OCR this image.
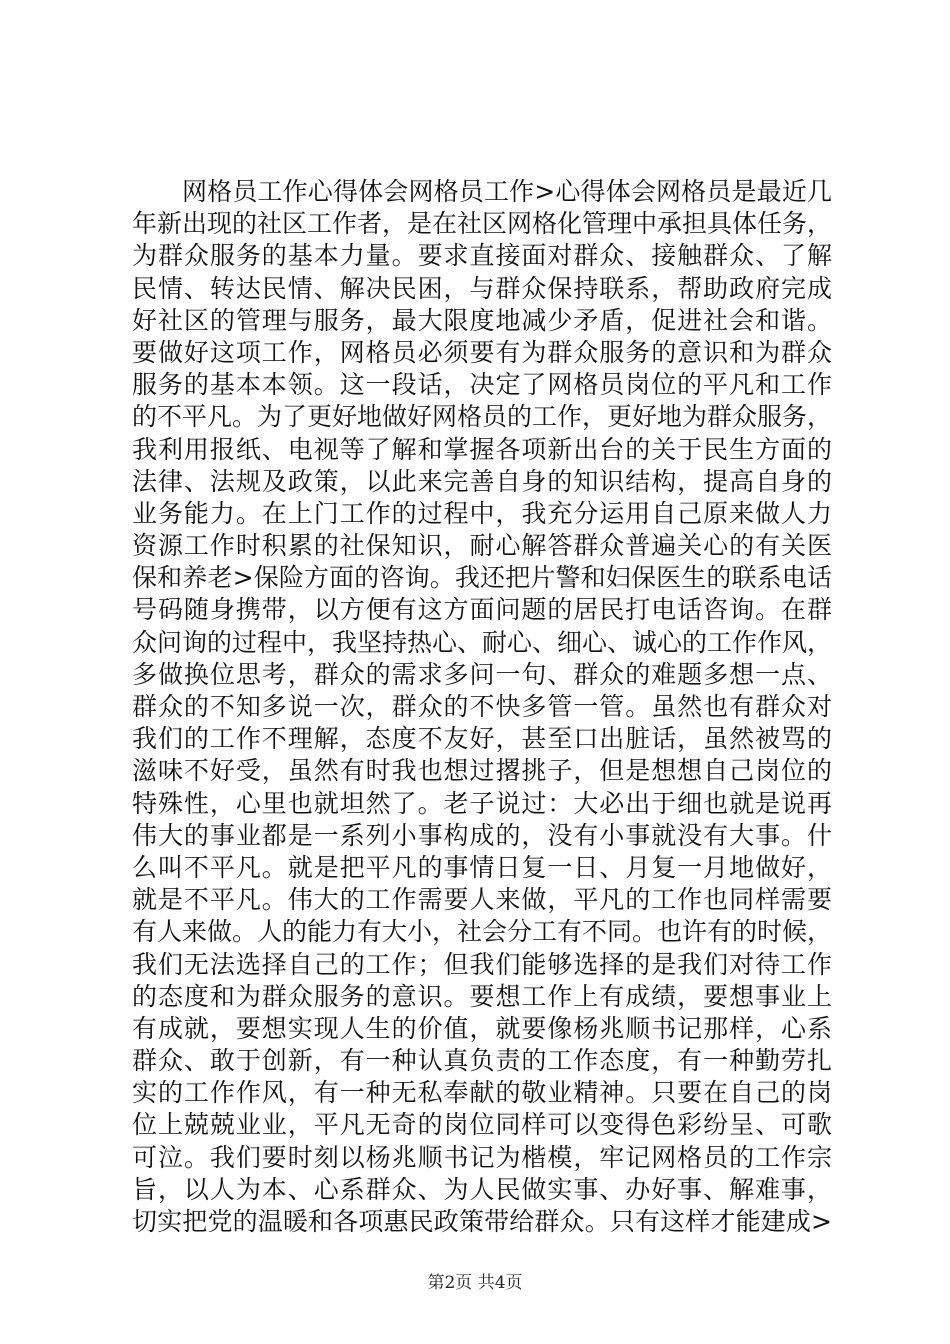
网格员工作心得体会网格员工作>心得体会网格员是最近几
年新出现的社区工作者，是在社区网格化管理中承担具体任务，
为群众服务的基本力量。要求直接面对群众、接触群众、了解
民情、转达民情、解决民困，与群众保持联系，帮助政府完成
好社区的管理与服务，最大限度地减少矛盾，促进社会和谐。
要做好这项工作，网格员必须要有为群众服务的意识和为群众
服务的基本本领。这一段话，决定了网格员岗位的平凡和工作
的不平凡。为了更好地做好网格员的工作，更好地为群众服务，
我利用报纸、电视等了解和掌握各项新出台的关于民生方面的
法律、法规及政策，以此来完善自身的知识结构，提高自身的
业务能力。在上门工作的过程中，我充分运用自己原来做人力
资源工作时积累的社保知识，耐心解答群众普遍关心的有关医
保和养老>保险方面的咨询。我还把片警和妇保医生的联系电话
号码随身携带，以方便有这方面问题的居民打电话咨询。在群
众问询的过程中，我坚持热心、耐心、细心、诚心的工作作风，
多做换位思考，群众的需求多问一句、群众的难题多想一点、
群众的不知多说一次，群众的不快多管一管。虽然也有群众对
我们的工作不理解，态度不友好，甚至口出脏话，虽然被骂的
滋味不好受，虽然有时我也想过撂挑子，但是想想自己岗位的
特殊性，心里也就坦然了。老子说过：大必出于细也就是说再
伟大的事业都是一系列小事构成的，没有小事就没有大事。什
么叫不平凡。就是把平凡的事情日复一日、月复一月地做好，
就是不平凡。伟大的工作需要人来做，平凡的工作也同样需要
有人来做。人的能力有大小，社会分工有不同。也许有的时候，
我们无法选择自己的工作；但我们能够选择的是我们对待工作
的态度和为群众服务的意识。要想工作上有成绩，要想事业上
有成就，要想实现人生的价值，就要像杨兆顺书记那样，心系
群众、敢于创新，有一种认真负责的工作态度，有一种勤劳扎
实的工作作风，有一种无私奉献的敬业精神。只要在自己的岗
位上兢兢业业，平凡无奇的岗位同样可以变得色彩纷呈、可歌
可泣。我们要时刻以杨兆顺书记为楷模，牢记网格员的工作宗
旨，以人为本、心系群众、为人民做实事、办好事、解难事，
切实把党的温暖和各项惠民政策带给群众。只有这样才能建成>
第2页 共4页
